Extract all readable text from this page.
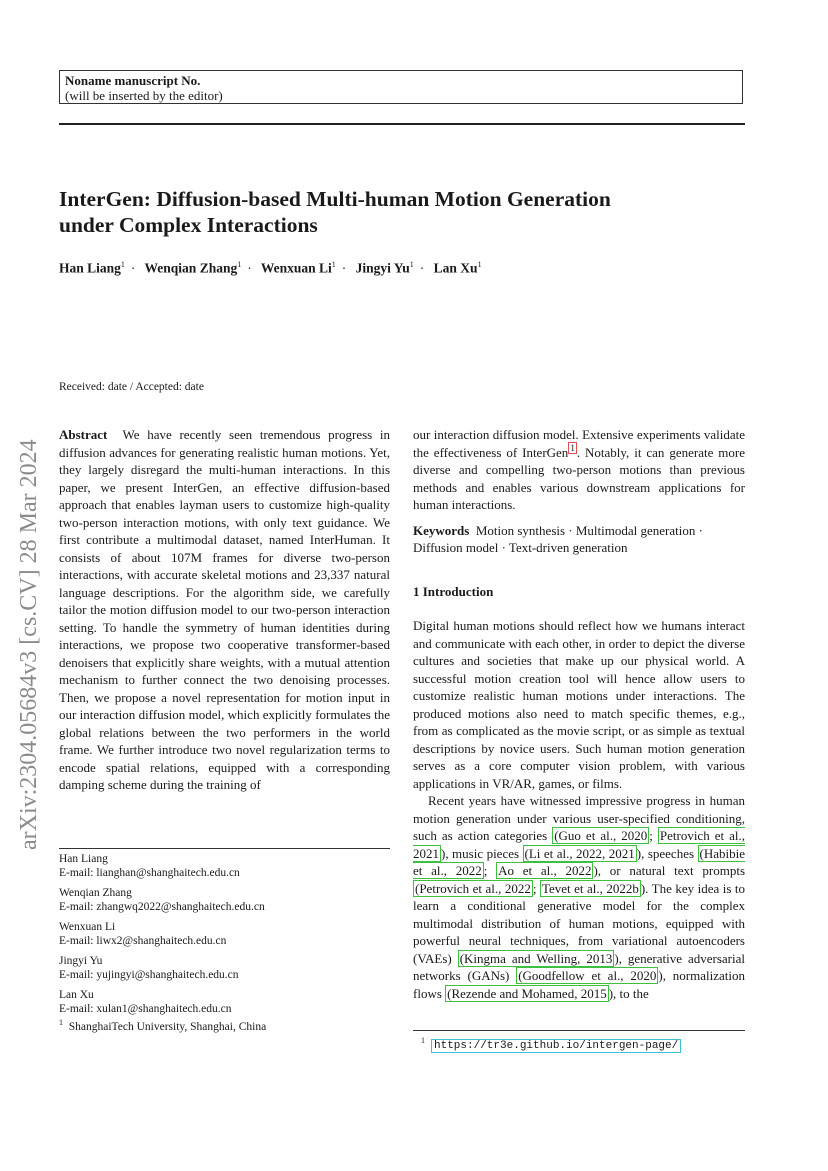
Noname manuscript No.
(will be inserted by the editor)
InterGen: Diffusion-based Multi-human Motion Generation
under Complex Interactions
Han Liang$^1$ · Wenqian Zhang$^1$ · Wenxuan $Li^1$ · Jingyi $Yu^1$ · Lan Xu$^1$
arXiv:2304.05684v3 [cs.CV] 28 Mar 2024
Received: date / Accepted: date

Abstract We have recently seen tremendous progress in diffusion advances for generating realistic human motions. Yet, they largely disregard the multi-human interactions. In this paper, we present InterGen, an effective diffusion-based approach that enables layman users to customize high-quality two-person interaction motions, with only text guidance. We first contribute a multimodal dataset, named InterHuman. It consists of about 107M frames for diverse two-person interactions, with accurate skeletal motions and 23,337 natural language descriptions. For the algorithm side, we carefully tailor the motion diffusion model to our two-person interaction setting. To handle the symmetry of human identities during interactions, we propose two cooperative transformer-based denoisers that explicitly share weights, with a mutual attention mechanism to further connect the two denoising processes. Then, we propose a novel representation for motion input in our interaction diffusion model, which explicitly formulates the global relations between the two performers in the world frame. We further introduce two novel regularization terms to encode spatial relations, equipped with a corresponding damping scheme during the training of

our interaction diffusion model. Extensive experiments validate the effectiveness of InterGen $^1$ . Notably, it can generate more diverse and compelling two-person motions than previous methods and enables various downstream applications for human interactions.

Keywords Motion synthesis · Multimodal generation · Diffusion model · Text-driven generation

1 Introduction

Digital human motions should reflect how we humans interact and communicate with each other, in order to depict the diverse cultures and societies that make up our physical world. A successful motion creation tool will hence allow users to customize realistic human motions under interactions. The produced motions also need to match specific themes, e.g., from as complicated as the movie script, or as simple as textual descriptions by novice users. Such human motion generation serves as a core computer vision problem, with various applications in VR/AR, games, or films.

Recent years have witnessed impressive progress in human motion generation under various user-specified conditioning, such as action categories (Guo et al., 2020 ; Petrovich et al., 2021 ), music pieces (Li et al., 2022, 2021 ), speeches (Habibie et al., 2022 ; Ao et al., 2022 ), or natural text prompts (Petrovich et al., 2022 ; Tevet et al., 2022b ). The key idea is to learn a conditional generative model for the complex multimodal distribution of human motions, equipped with powerful neural techniques, from variational autoencoders (VAEs) (Kingma and Welling, 2013 ), generative adversarial networks (GANs) (Goodfellow et al., 2020 ), normalization flows (Rezende and Mohamed, 2015 ), to the

Han Liang
E-mail: lianghan@shanghaitech.edu.cn
Wenqian Zhang
E-mail: zhangwq2022@shanghaitech.edu.cn
Wenxuan Li
E-mail: liwx2@shanghaitech.edu.cn
Jingyi Yu
E-mail: yujingyi@shanghaitech.edu.cn
Lan Xu
E-mail: xulan1@shanghaitech.edu.cn
$^1$ ShanghaiTech University, Shanghai, China
$^1$ https://tr3e.github.io/intergen-page/
